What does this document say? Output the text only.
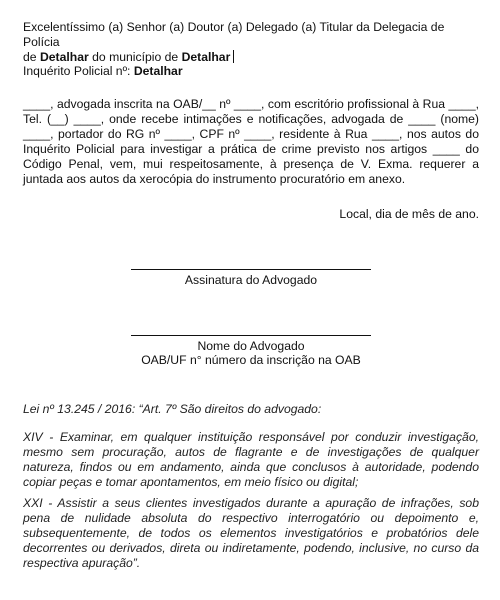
Excelentíssimo (a) Senhor (a) Doutor (a) Delegado (a) Titular da Delegacia de Polícia
de Detalhar do município de Detalhar

Inquérito Policial nº: Detalhar

____, advogada inscrita na OAB/__ nº ____, com escritório profissional à Rua ____, Tel. (__) ____, onde recebe intimações e notificações, advogada de ____ (nome) ____, portador do RG nº ____, CPF nº ____, residente à Rua ____, nos autos do Inquérito Policial para investigar a prática de crime previsto nos artigos ____ do Código Penal, vem, mui respeitosamente, à presença de V. Exma. requerer a juntada aos autos da xerocópia do instrumento procuratório em anexo.

Local, dia de mês de ano.

Assinatura do Advogado

Nome do Advogado

OAB/UF n° número da inscrição na OAB

Lei nº 13.245 / 2016: “Art. 7º São direitos do advogado:

XIV - Examinar, em qualquer instituição responsável por conduzir investigação, mesmo sem procuração, autos de flagrante e de investigações de qualquer natureza, findos ou em andamento, ainda que conclusos à autoridade, podendo copiar peças e tomar apontamentos, em meio físico ou digital;

XXI - Assistir a seus clientes investigados durante a apuração de infrações, sob pena de nulidade absoluta do respectivo interrogatório ou depoimento e, subsequentemente, de todos os elementos investigatórios e probatórios dele decorrentes ou derivados, direta ou indiretamente, podendo, inclusive, no curso da respectiva apuração”.
